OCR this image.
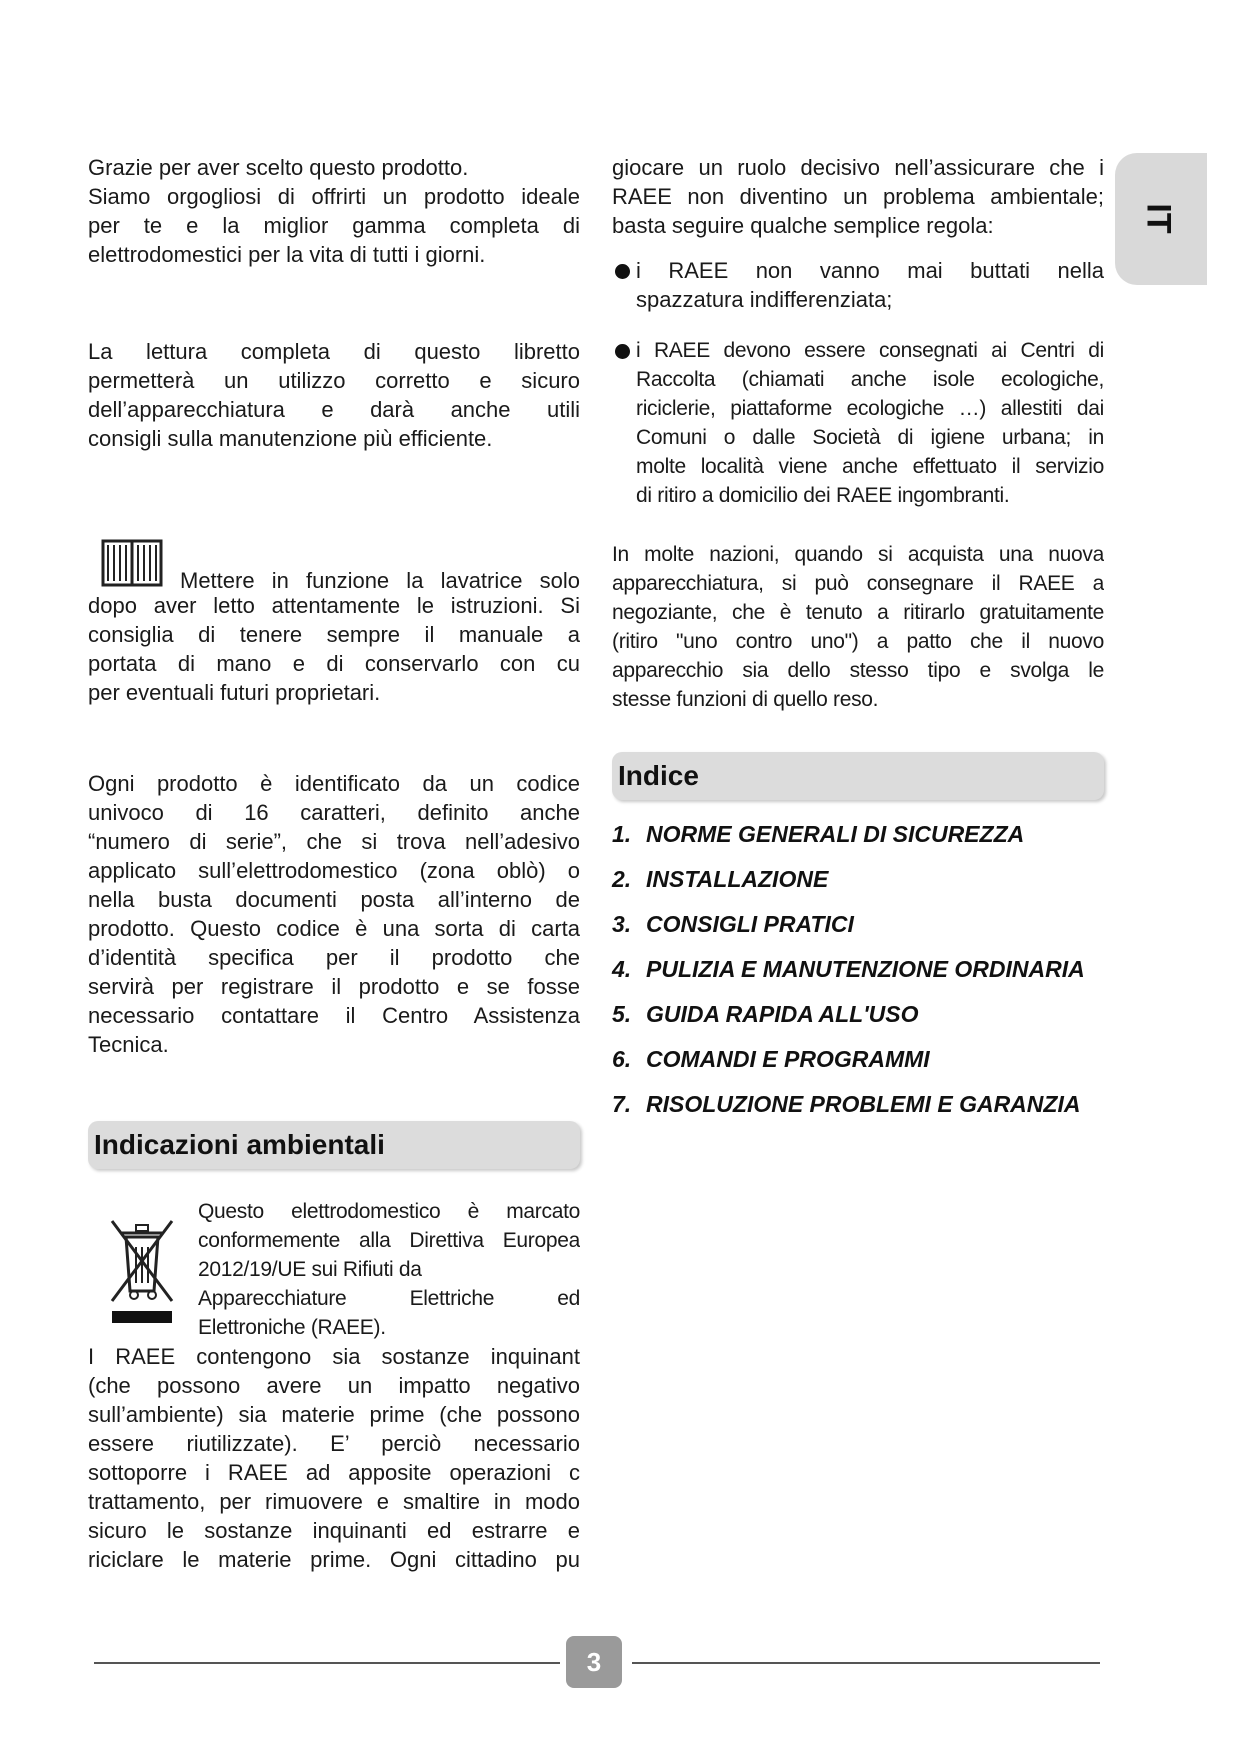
IT

Grazie per aver scelto questo prodotto.

Siamo orgogliosi di offrirti un prodotto ideale

per te e la miglior gamma completa di

elettrodomestici per la vita di tutti i giorni.

La lettura completa di questo libretto

permetterà un utilizzo corretto e sicuro

dell’apparecchiatura e darà anche utili

consigli sulla manutenzione più efficiente.

Mettere in funzione la lavatrice solo

dopo aver letto attentamente le istruzioni. Si

consiglia di tenere sempre il manuale a

portata di mano e di conservarlo con cu

per eventuali futuri proprietari.

Ogni prodotto è identificato da un codice

univoco di 16 caratteri, definito anche

“numero di serie”, che si trova nell’adesivo

applicato sull’elettrodomestico (zona oblò) o

nella busta documenti posta all’interno de

prodotto. Questo codice è una sorta di carta

d’identità specifica per il prodotto che

servirà per registrare il prodotto e se fosse

necessario contattare il Centro Assistenza

Tecnica.

Indicazioni ambientali

Questo elettrodomestico è marcato

conformemente alla Direttiva Europea

2012/19/UE sui Rifiuti da

Apparecchiature Elettriche ed

Elettroniche (RAEE).

I RAEE contengono sia sostanze inquinant

(che possono avere un impatto negativo

sull’ambiente) sia materie prime (che possono

essere riutilizzate). E’ perciò necessario

sottoporre i RAEE ad apposite operazioni c

trattamento, per rimuovere e smaltire in modo

sicuro le sostanze inquinanti ed estrarre e

riciclare le materie prime. Ogni cittadino pu

giocare un ruolo decisivo nell’assicurare che i

RAEE non diventino un problema ambientale;

basta seguire qualche semplice regola:

i RAEE non vanno mai buttati nella

spazzatura indifferenziata;

i RAEE devono essere consegnati ai Centri di

Raccolta (chiamati anche isole ecologiche,

riciclerie, piattaforme ecologiche …) allestiti dai

Comuni o dalle Società di igiene urbana; in

molte località viene anche effettuato il servizio

di ritiro a domicilio dei RAEE ingombranti.

In molte nazioni, quando si acquista una nuova

apparecchiatura, si può consegnare il RAEE a

negoziante, che è tenuto a ritirarlo gratuitamente

(ritiro "uno contro uno") a patto che il nuovo

apparecchio sia dello stesso tipo e svolga le

stesse funzioni di quello reso.

Indice
1. NORME GENERALI DI SICUREZZA
2. INSTALLAZIONE
3. CONSIGLI PRATICI
4. PULIZIA E MANUTENZIONE ORDINARIA
5. GUIDA RAPIDA ALL'USO
6. COMANDI E PROGRAMMI
7. RISOLUZIONE PROBLEMI E GARANZIA
3
